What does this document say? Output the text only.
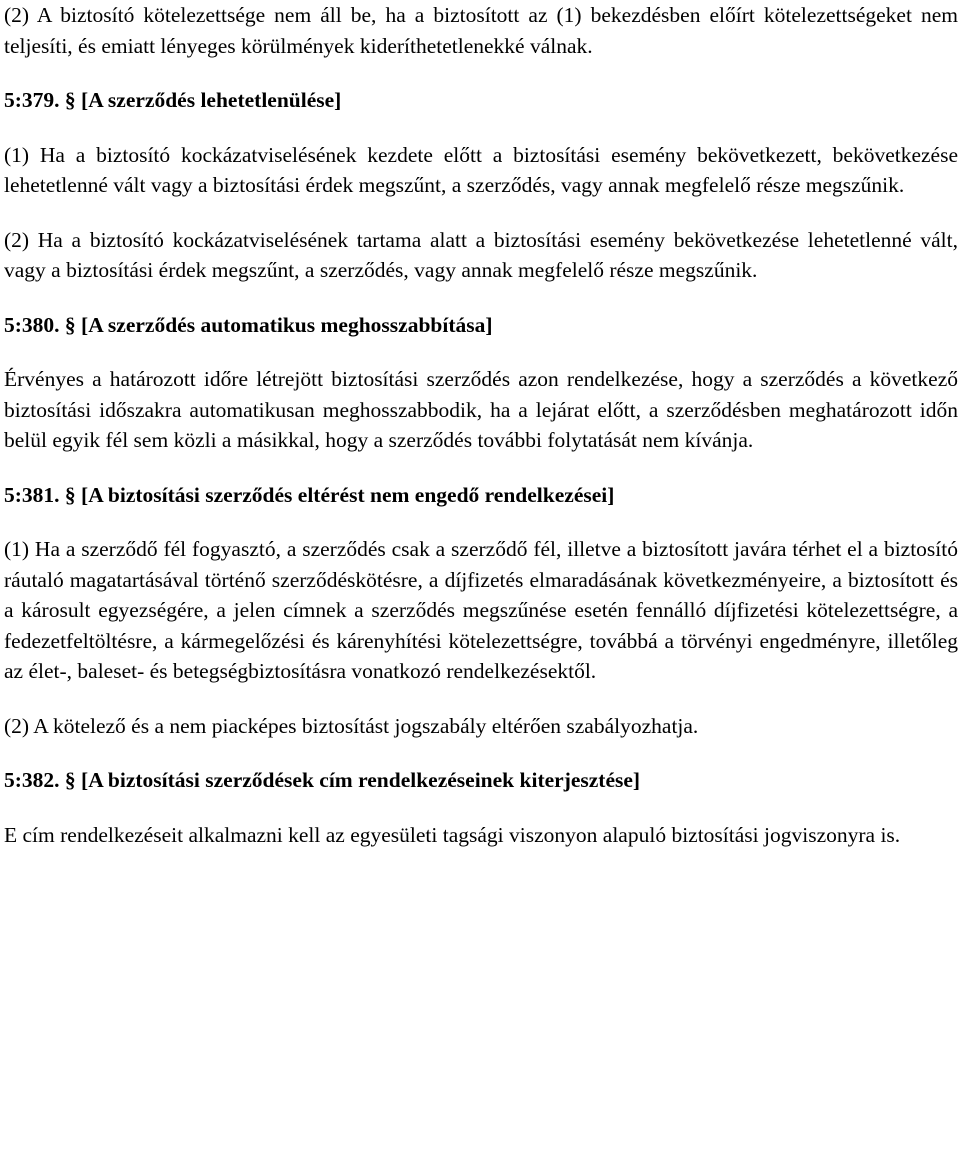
(2) A biztosító kötelezettsége nem áll be, ha a biztosított az (1) bekezdésben előírt kötelezettségeket nem teljesíti, és emiatt lényeges körülmények kideríthetetlenekké válnak.

5:379. § [A szerződés lehetetlenülése]

(1) Ha a biztosító kockázatviselésének kezdete előtt a biztosítási esemény bekövetkezett, bekövetkezése lehetetlenné vált vagy a biztosítási érdek megszűnt, a szerződés, vagy annak megfelelő része megszűnik.

(2) Ha a biztosító kockázatviselésének tartama alatt a biztosítási esemény bekövetkezése lehetetlenné vált, vagy a biztosítási érdek megszűnt, a szerződés, vagy annak megfelelő része megszűnik.

5:380. § [A szerződés automatikus meghosszabbítása]

Érvényes a határozott időre létrejött biztosítási szerződés azon rendelkezése, hogy a szerződés a következő biztosítási időszakra automatikusan meghosszabbodik, ha a lejárat előtt, a szerződésben meghatározott időn belül egyik fél sem közli a másikkal, hogy a szerződés további folytatását nem kívánja.

5:381. § [A biztosítási szerződés eltérést nem engedő rendelkezései]

(1) Ha a szerződő fél fogyasztó, a szerződés csak a szerződő fél, illetve a biztosított javára térhet el a biztosító ráutaló magatartásával történő szerződéskötésre, a díjfizetés elmaradásának következményeire, a biztosított és a károsult egyezségére, a jelen címnek a szerződés megszűnése esetén fennálló díjfizetési kötelezettségre, a fedezetfeltöltésre, a kármegelőzési és kárenyhítési kötelezettségre, továbbá a törvényi engedményre, illetőleg az élet-, baleset- és betegségbiztosításra vonatkozó rendelkezésektől.

(2) A kötelező és a nem piacképes biztosítást jogszabály eltérően szabályozhatja.

5:382. § [A biztosítási szerződések cím rendelkezéseinek kiterjesztése]

E cím rendelkezéseit alkalmazni kell az egyesületi tagsági viszonyon alapuló biztosítási jogviszonyra is.
